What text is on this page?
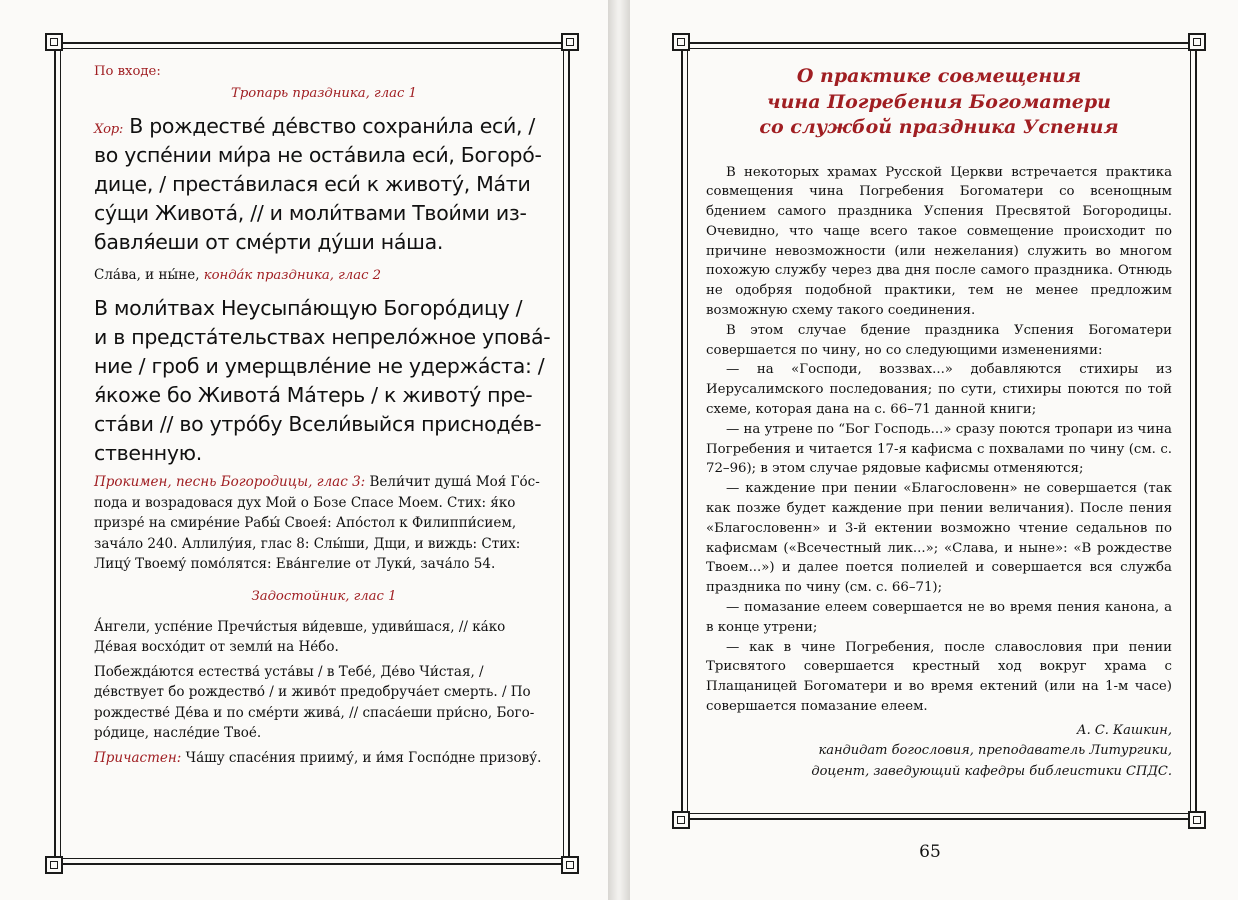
По входе:

Тропарь праздника, глас 1

Хор: В рождестве́ де́вство сохрани́ла еси́, /

во успе́нии ми́ра не оста́вила еси́, Богоро́-

дице, / преста́вилася еси́ к животу́, Ма́ти

су́щи Живота́, // и моли́твами Твои́ми из-

бавля́еши от сме́рти ду́ши на́ша.

Сла́ва, и ны́не, конда́к праздника, глас 2

В моли́твах Неусыпа́ющую Богоро́дицу /

и в предста́тельствах непрело́жное упова́-

ние / гроб и умерщвле́ние не удержа́ста: /

я́коже бо Живота́ Ма́терь / к животу́ пре-

ста́ви // во утро́бу Всели́выйся приснoде́в-

ственную.

Прокимен, песнь Богородицы, глас 3: Вели́чит душа́ Моя́ Го́с-

пода и возрадовася дух Мой о Бозе Спасе Моем. Стих: я́ко

призре́ на смире́ние Рабы́ Своея́: Апо́стол к Филиппи́сием,

зача́ло 240. Аллилу́ия, глас 8: Слы́ши, Дщи, и виждь: Стих:

Лицу́ Твоему́ помо́лятся: Ева́нгелие от Луки́, зача́ло 54.

Задостойник, глас 1

А́нгели, успе́ние Пречи́стыя ви́девше, удиви́шася, // ка́ко

Де́вая восхо́дит от земли́ на Не́бо.

Побежда́ются естества́ уста́вы / в Тебе́, Де́во Чи́стая, /

де́вствует бо рождество́ / и живо́т предобруча́ет смерть. / По

рождестве́ Де́ва и по сме́рти жива́, // спаса́еши при́сно, Бого-

ро́дице, насле́дие Твое́.

Причастен: Ча́шу спасе́ния прииму́, и и́мя Госпо́дне призову́.

О практике совмещения

чина Погребения Богоматери

со службой праздника Успения

В некоторых храмах Русской Церкви встречается практика совмещения чина Погребения Богоматери со всенощным бдением самого праздника Успения Пресвятой Богородицы. Очевидно, что чаще всего такое совмещение происходит по причине невозможности (или нежелания) служить во многом похожую службу через два дня после самого праздника. Отнюдь не одобряя подобной практики, тем не менее предложим возможную схему такого соединения.

В этом случае бдение праздника Успения Богоматери совершается по чину, но со следующими изменениями:

— на «Господи, воззвах...» добавляются стихиры из Иерусалимского последования; по сути, стихиры поются по той схеме, которая дана на с. 66–71 данной книги;

— на утрене по “Бог Господь...» сразу поются тропари из чина Погребения и читается 17-я кафисма с похвалами по чину (см. с. 72–96); в этом случае рядовые кафисмы отменяются;

— каждение при пении «Благословенн» не совершается (так как позже будет каждение при пении величания). После пения «Благословенн» и 3-й ектении возможно чтение седальнов по кафисмам («Всечестный лик...»; «Слава, и ныне»: «В рождестве Твоем...») и далее поется полиелей и совершается вся служба праздника по чину (см. с. 66–71);

— помазание елеем совершается не во время пения канона, а в конце утрени;

— как в чине Погребения, после славословия при пении Трисвятого совершается крестный ход вокруг храма с Плащаницей Богоматери и во время ектений (или на 1-м часе) совершается помазание елеем.

А. С. Кашкин,

кандидат богословия, преподаватель Литургики,

доцент, заведующий кафедры библеистики СПДС.

65
